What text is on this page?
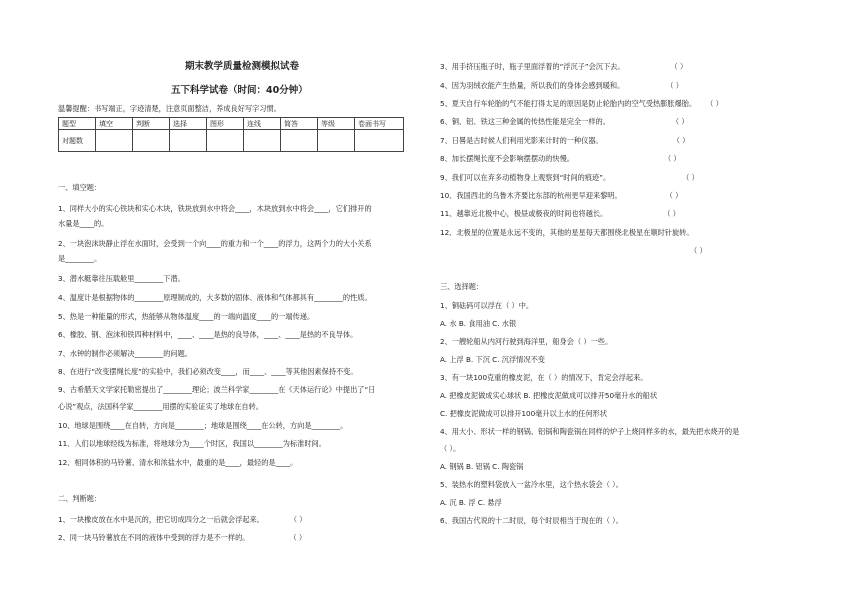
期末教学质量检测模拟试卷
五下科学试卷（时间：40分钟）
温馨提醒：书写端正，字迹清楚，注意页面整洁，养成良好写字习惯。
题型	填空	判断	选择	图形	连线	简答	等级	卷面书写
对题数								
一、填空题：
1、同样大小的实心铁块和实心木块，铁块放到水中将会____，木块放到水中将会____，它们排开的
水量是____的。
2、一块泡沫块静止浮在水面时，会受到一个向____的重力和一个____的浮力，这两个力的大小关系
是________。
3、潜水艇靠往压载舱里________下潜。
4、温度计是根据物体的________原理制成的，大多数的固体、液体和气体都具有________的性质。
5、热是一种能量的形式，热能够从物体温度____的一端向温度____的一端传递。
6、橡胶、钢、泡沫和铁四种材料中，____、____是热的良导体，____、____是热的不良导体。
7、水钟的制作必须解决________的问题。
8、在进行“改变摆绳长度”的实验中，我们必须改变____，而____、____等其他因素保持不变。
9、古希腊天文学家托勒密提出了________理论；波兰科学家________在《天体运行论》中提出了“日
心说”观点，法国科学家________用摆的实验证实了地球在自转。
10、地球是围绕____在自转，方向是________；地球是围绕____在公转，方向是________。
11、人们以地球经线为标准，将地球分为____个时区，我国以________为标准时间。
12、相同体积的马铃薯、清水和浓盐水中，最重的是____，最轻的是____。
二、判断题：
1、一块橡皮放在水中是沉的，把它切成四分之一后就会浮起来。	（ ）
2、同一块马铃薯放在不同的液体中受到的浮力是不一样的。	（ ）
3、用手挤压瓶子时，瓶子里面浮着的“浮沉子”会沉下去。	（ ）
4、因为羽绒衣能产生热量，所以我们的身体会感到暖和。	（ ）
5、夏天自行车轮胎的气不能打得太足的原因是防止轮胎内的空气受热膨胀爆胎。 （ ）
6、铜、铝、铁这三种金属的传热性能是完全一样的。	（ ）
7、日晷是古时候人们利用光影来计时的一种仪器。	（ ）
8、加长摆绳长度不会影响摆摆动的快慢。	（ ）
9、我们可以在弃多动植物身上观察到“时间的痕迹”。	（ ）
10、我国西北的乌鲁木齐要比东部的杭州更早迎来黎明。	（ ）
11、越靠近北极中心，极昼或极夜的时间也将越长。	（ ）
12、北极星的位置是永远不变的，其他的星星每天都围绕北极星在顺时针旋转。
（ ）
三、选择题：
1、铜砝码可以浮在（ ）中。
A. 水 B. 食用油 C. 水银
2、一艘轮船从内河行驶到海洋里，船身会（ ）一些。
A. 上浮 B. 下沉 C. 沉浮情况不变
3、有一块100克重的橡皮泥，在（ ）的情况下，肯定会浮起来。
A. 把橡皮泥做成实心球状 B. 把橡皮泥做成可以排开50毫升水的船状
C. 把橡皮泥做成可以排开100毫升以上水的任何形状
4、用大小、形状一样的钢锅、铝锅和陶瓷锅在同样的炉子上烧同样多的水，最先把水烧开的是
（ ）。
A. 钢锅 B. 铝锅 C. 陶瓷锅
5、装热水的塑料袋放入一盆冷水里，这个热水袋会（ ）。
A. 沉 B. 浮 C. 悬浮
6、我国古代说的十二时辰，每个时辰相当于现在的（ ）。
